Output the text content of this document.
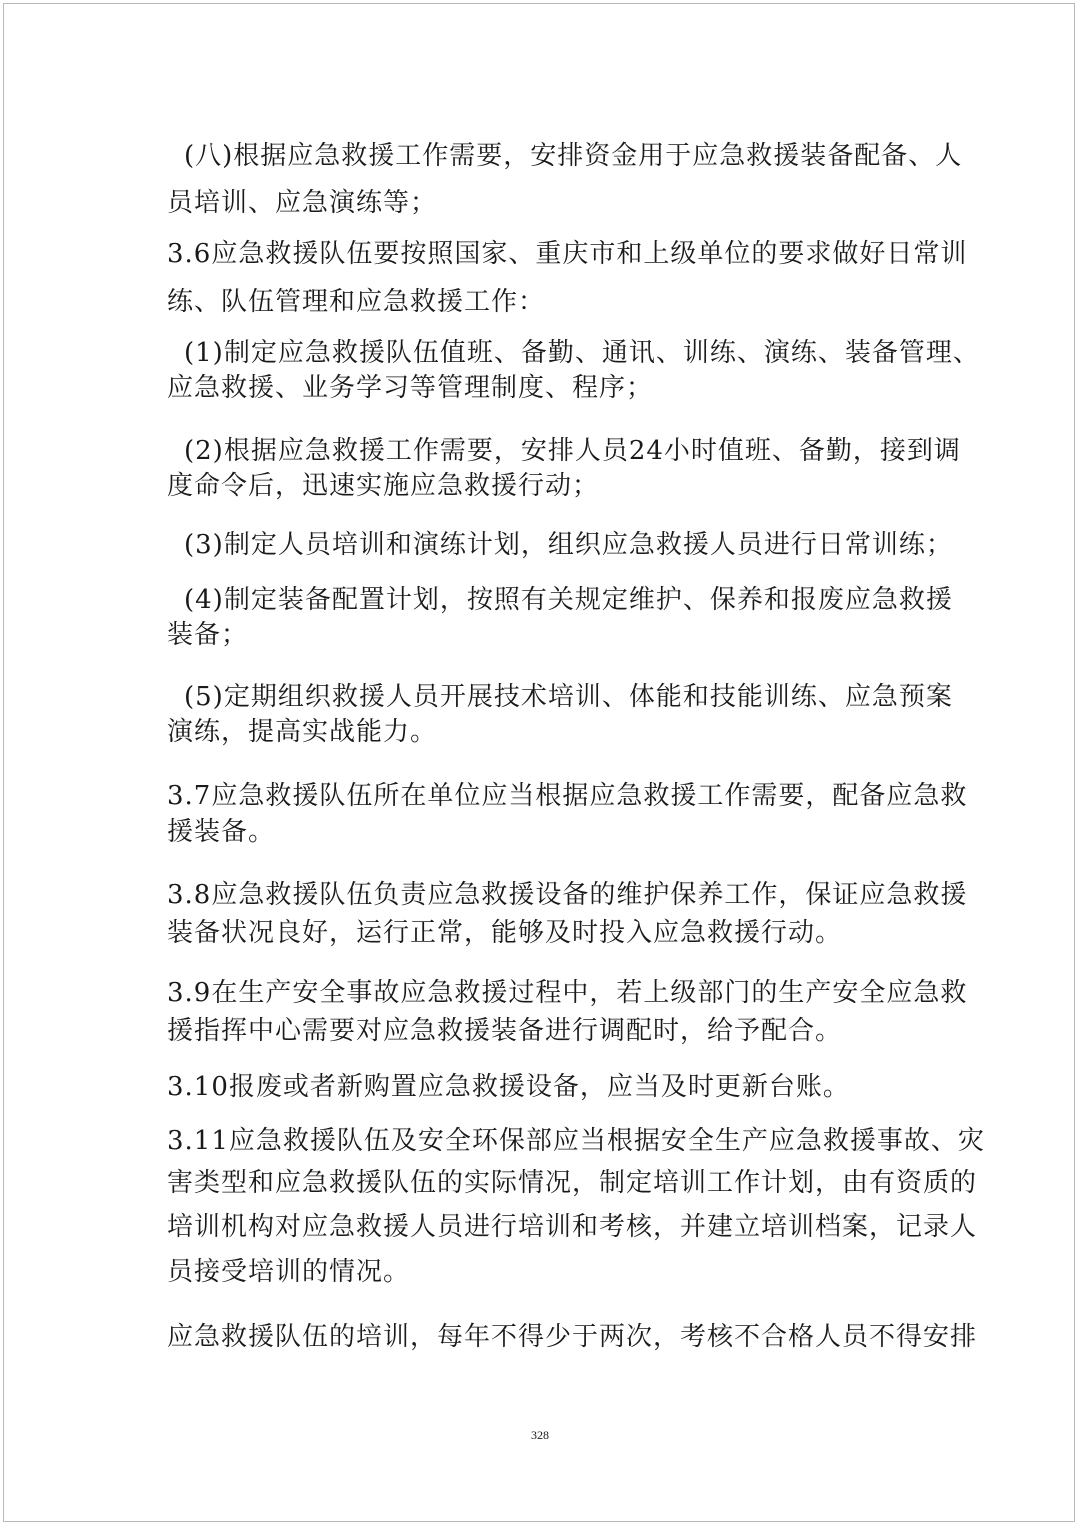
(八)根据应急救援工作需要，安排资金用于应急救援装备配备、人
员培训、应急演练等；
3.6应急救援队伍要按照国家、重庆市和上级单位的要求做好日常训
练、队伍管理和应急救援工作：
(1)制定应急救援队伍值班、备勤、通讯、训练、演练、装备管理、
应急救援、业务学习等管理制度、程序；
(2)根据应急救援工作需要，安排人员24小时值班、备勤，接到调
度命令后，迅速实施应急救援行动；
(3)制定人员培训和演练计划，组织应急救援人员进行日常训练；
(4)制定装备配置计划，按照有关规定维护、保养和报废应急救援
装备；
(5)定期组织救援人员开展技术培训、体能和技能训练、应急预案
演练，提高实战能力。
3.7应急救援队伍所在单位应当根据应急救援工作需要，配备应急救
援装备。
3.8应急救援队伍负责应急救援设备的维护保养工作，保证应急救援
装备状况良好，运行正常，能够及时投入应急救援行动。
3.9在生产安全事故应急救援过程中，若上级部门的生产安全应急救
援指挥中心需要对应急救援装备进行调配时，给予配合。
3.10报废或者新购置应急救援设备，应当及时更新台账。
3.11应急救援队伍及安全环保部应当根据安全生产应急救援事故、灾
害类型和应急救援队伍的实际情况，制定培训工作计划，由有资质的
培训机构对应急救援人员进行培训和考核，并建立培训档案，记录人
员接受培训的情况。
应急救援队伍的培训，每年不得少于两次，考核不合格人员不得安排
328
